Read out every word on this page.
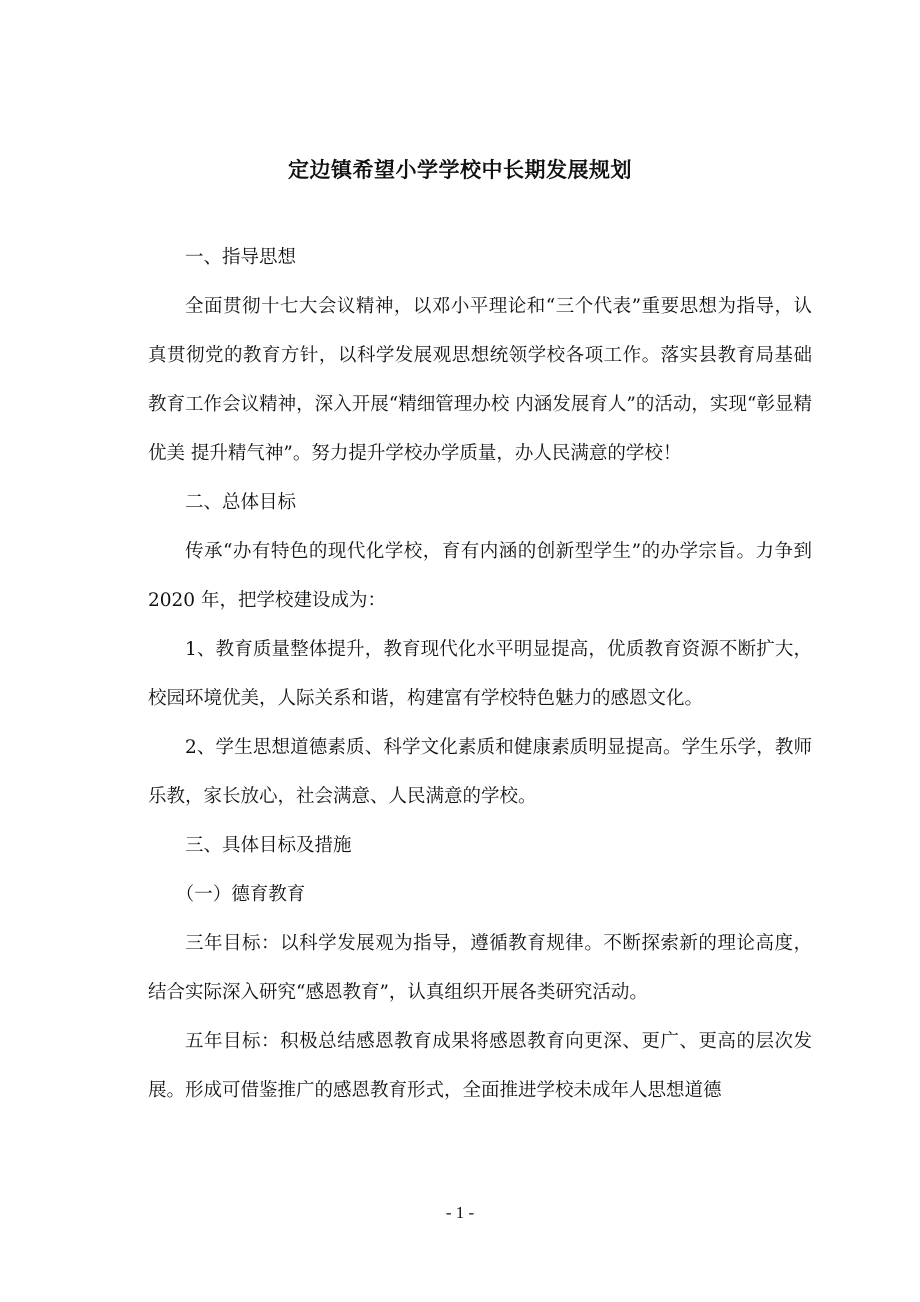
定边镇希望小学学校中长期发展规划

一、指导思想

全面贯彻十七大会议精神，以邓小平理论和“三个代表”重要思想为指导，认真贯彻党的教育方针，以科学发展观思想统领学校各项工作。落实县教育局基础教育工作会议精神，深入开展“精细管理办校 内涵发展育人”的活动，实现“彰显精优美 提升精气神”。努力提升学校办学质量，办人民满意的学校！

二、总体目标

传承“办有特色的现代化学校，育有内涵的创新型学生”的办学宗旨。力争到 2020 年，把学校建设成为：

1、教育质量整体提升，教育现代化水平明显提高，优质教育资源不断扩大，校园环境优美，人际关系和谐，构建富有学校特色魅力的感恩文化。

2、学生思想道德素质、科学文化素质和健康素质明显提高。学生乐学，教师乐教，家长放心，社会满意、人民满意的学校。

三、具体目标及措施

（一）德育教育

三年目标：以科学发展观为指导，遵循教育规律。不断探索新的理论高度，结合实际深入研究“感恩教育”，认真组织开展各类研究活动。

五年目标：积极总结感恩教育成果将感恩教育向更深、更广、更高的层次发展。形成可借鉴推广的感恩教育形式，全面推进学校未成年人思想道德

- 1 -
